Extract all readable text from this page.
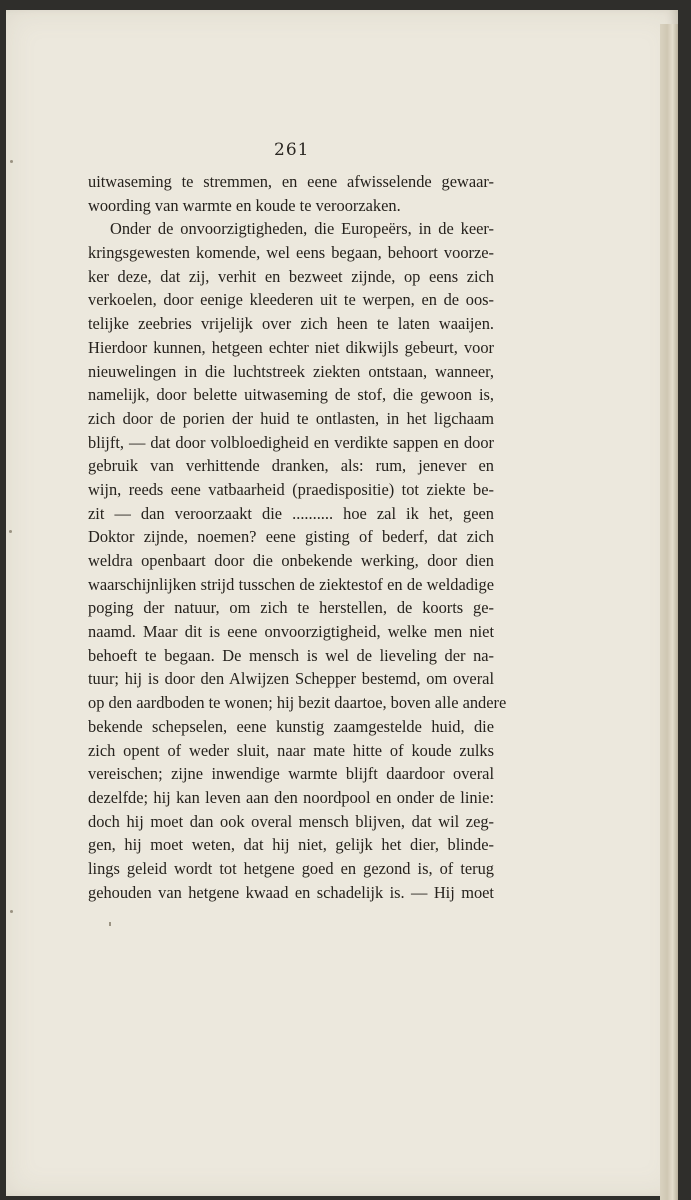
261
uitwaseming te stremmen, en eene afwisselende gewaar-
woording van warmte en koude te veroorzaken.
Onder de onvoorzigtigheden, die Europeërs, in de keer-
kringsgewesten komende, wel eens begaan, behoort voorze-
ker deze, dat zij, verhit en bezweet zijnde, op eens zich
verkoelen, door eenige kleederen uit te werpen, en de oos-
telijke zeebries vrijelijk over zich heen te laten waaijen.
Hierdoor kunnen, hetgeen echter niet dikwijls gebeurt, voor
nieuwelingen in die luchtstreek ziekten ontstaan, wanneer,
namelijk, door belette uitwaseming de stof, die gewoon is,
zich door de porien der huid te ontlasten, in het ligchaam
blijft, — dat door volbloedigheid en verdikte sappen en door
gebruik van verhittende dranken, als: rum, jenever en
wijn, reeds eene vatbaarheid (praedispositie) tot ziekte be-
zit — dan veroorzaakt die .......... hoe zal ik het, geen
Doktor zijnde, noemen? eene gisting of bederf, dat zich
weldra openbaart door die onbekende werking, door dien
waarschijnlijken strijd tusschen de ziektestof en de weldadige
poging der natuur, om zich te herstellen, de koorts ge-
naamd. Maar dit is eene onvoorzigtigheid, welke men niet
behoeft te begaan. De mensch is wel de lieveling der na-
tuur; hij is door den Alwijzen Schepper bestemd, om overal
op den aardboden te wonen; hij bezit daartoe, boven alle andere
bekende schepselen, eene kunstig zaamgestelde huid, die
zich opent of weder sluit, naar mate hitte of koude zulks
vereischen; zijne inwendige warmte blijft daardoor overal
dezelfde; hij kan leven aan den noordpool en onder de linie:
doch hij moet dan ook overal mensch blijven, dat wil zeg-
gen, hij moet weten, dat hij niet, gelijk het dier, blinde-
lings geleid wordt tot hetgene goed en gezond is, of terug
gehouden van hetgene kwaad en schadelijk is. — Hij moet
